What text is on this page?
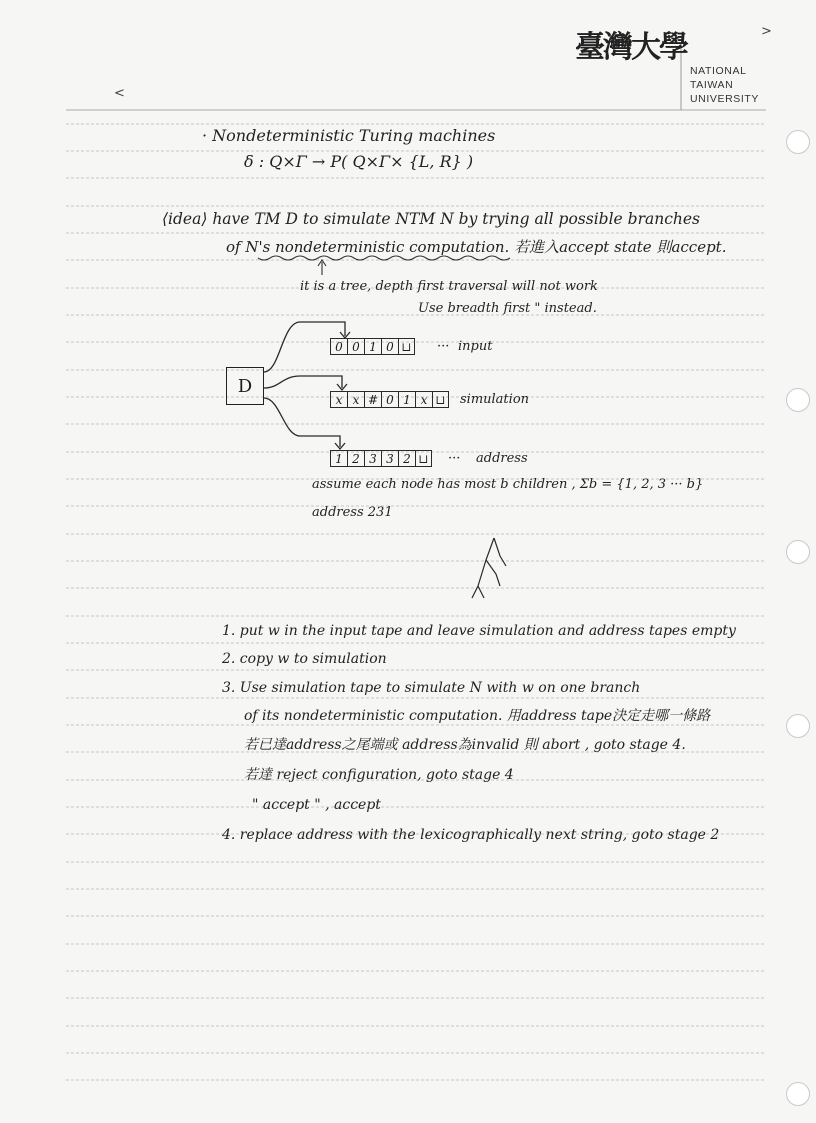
臺灣大學
NATIONAL
TAIWAN
UNIVERSITY
>
<
· Nondeterministic Turing machines
δ : Q×Γ → P( Q×Γ× {L, R} )
⟨idea⟩ have TM D to simulate NTM N by trying all possible branches
of N's nondeterministic computation. 若進入accept state 則accept.
it is a tree, depth first traversal will not work
Use breadth first " instead.
D
0 0 1 0 ⊔ ··· input
x x # 0 1 x ⊔ simulation
1 2 3 3 2 ⊔ ··· address
assume each node has most b children , Σb = {1, 2, 3 ··· b}
address 231
1. put w in the input tape and leave simulation and address tapes empty
2. copy w to simulation
3. Use simulation tape to simulate N with w on one branch
of its nondeterministic computation. 用address tape決定走哪一條路
若已達address之尾端或 address為invalid 則 abort , goto stage 4.
若達 reject configuration, goto stage 4
" accept " , accept
4. replace address with the lexicographically next string, goto stage 2
